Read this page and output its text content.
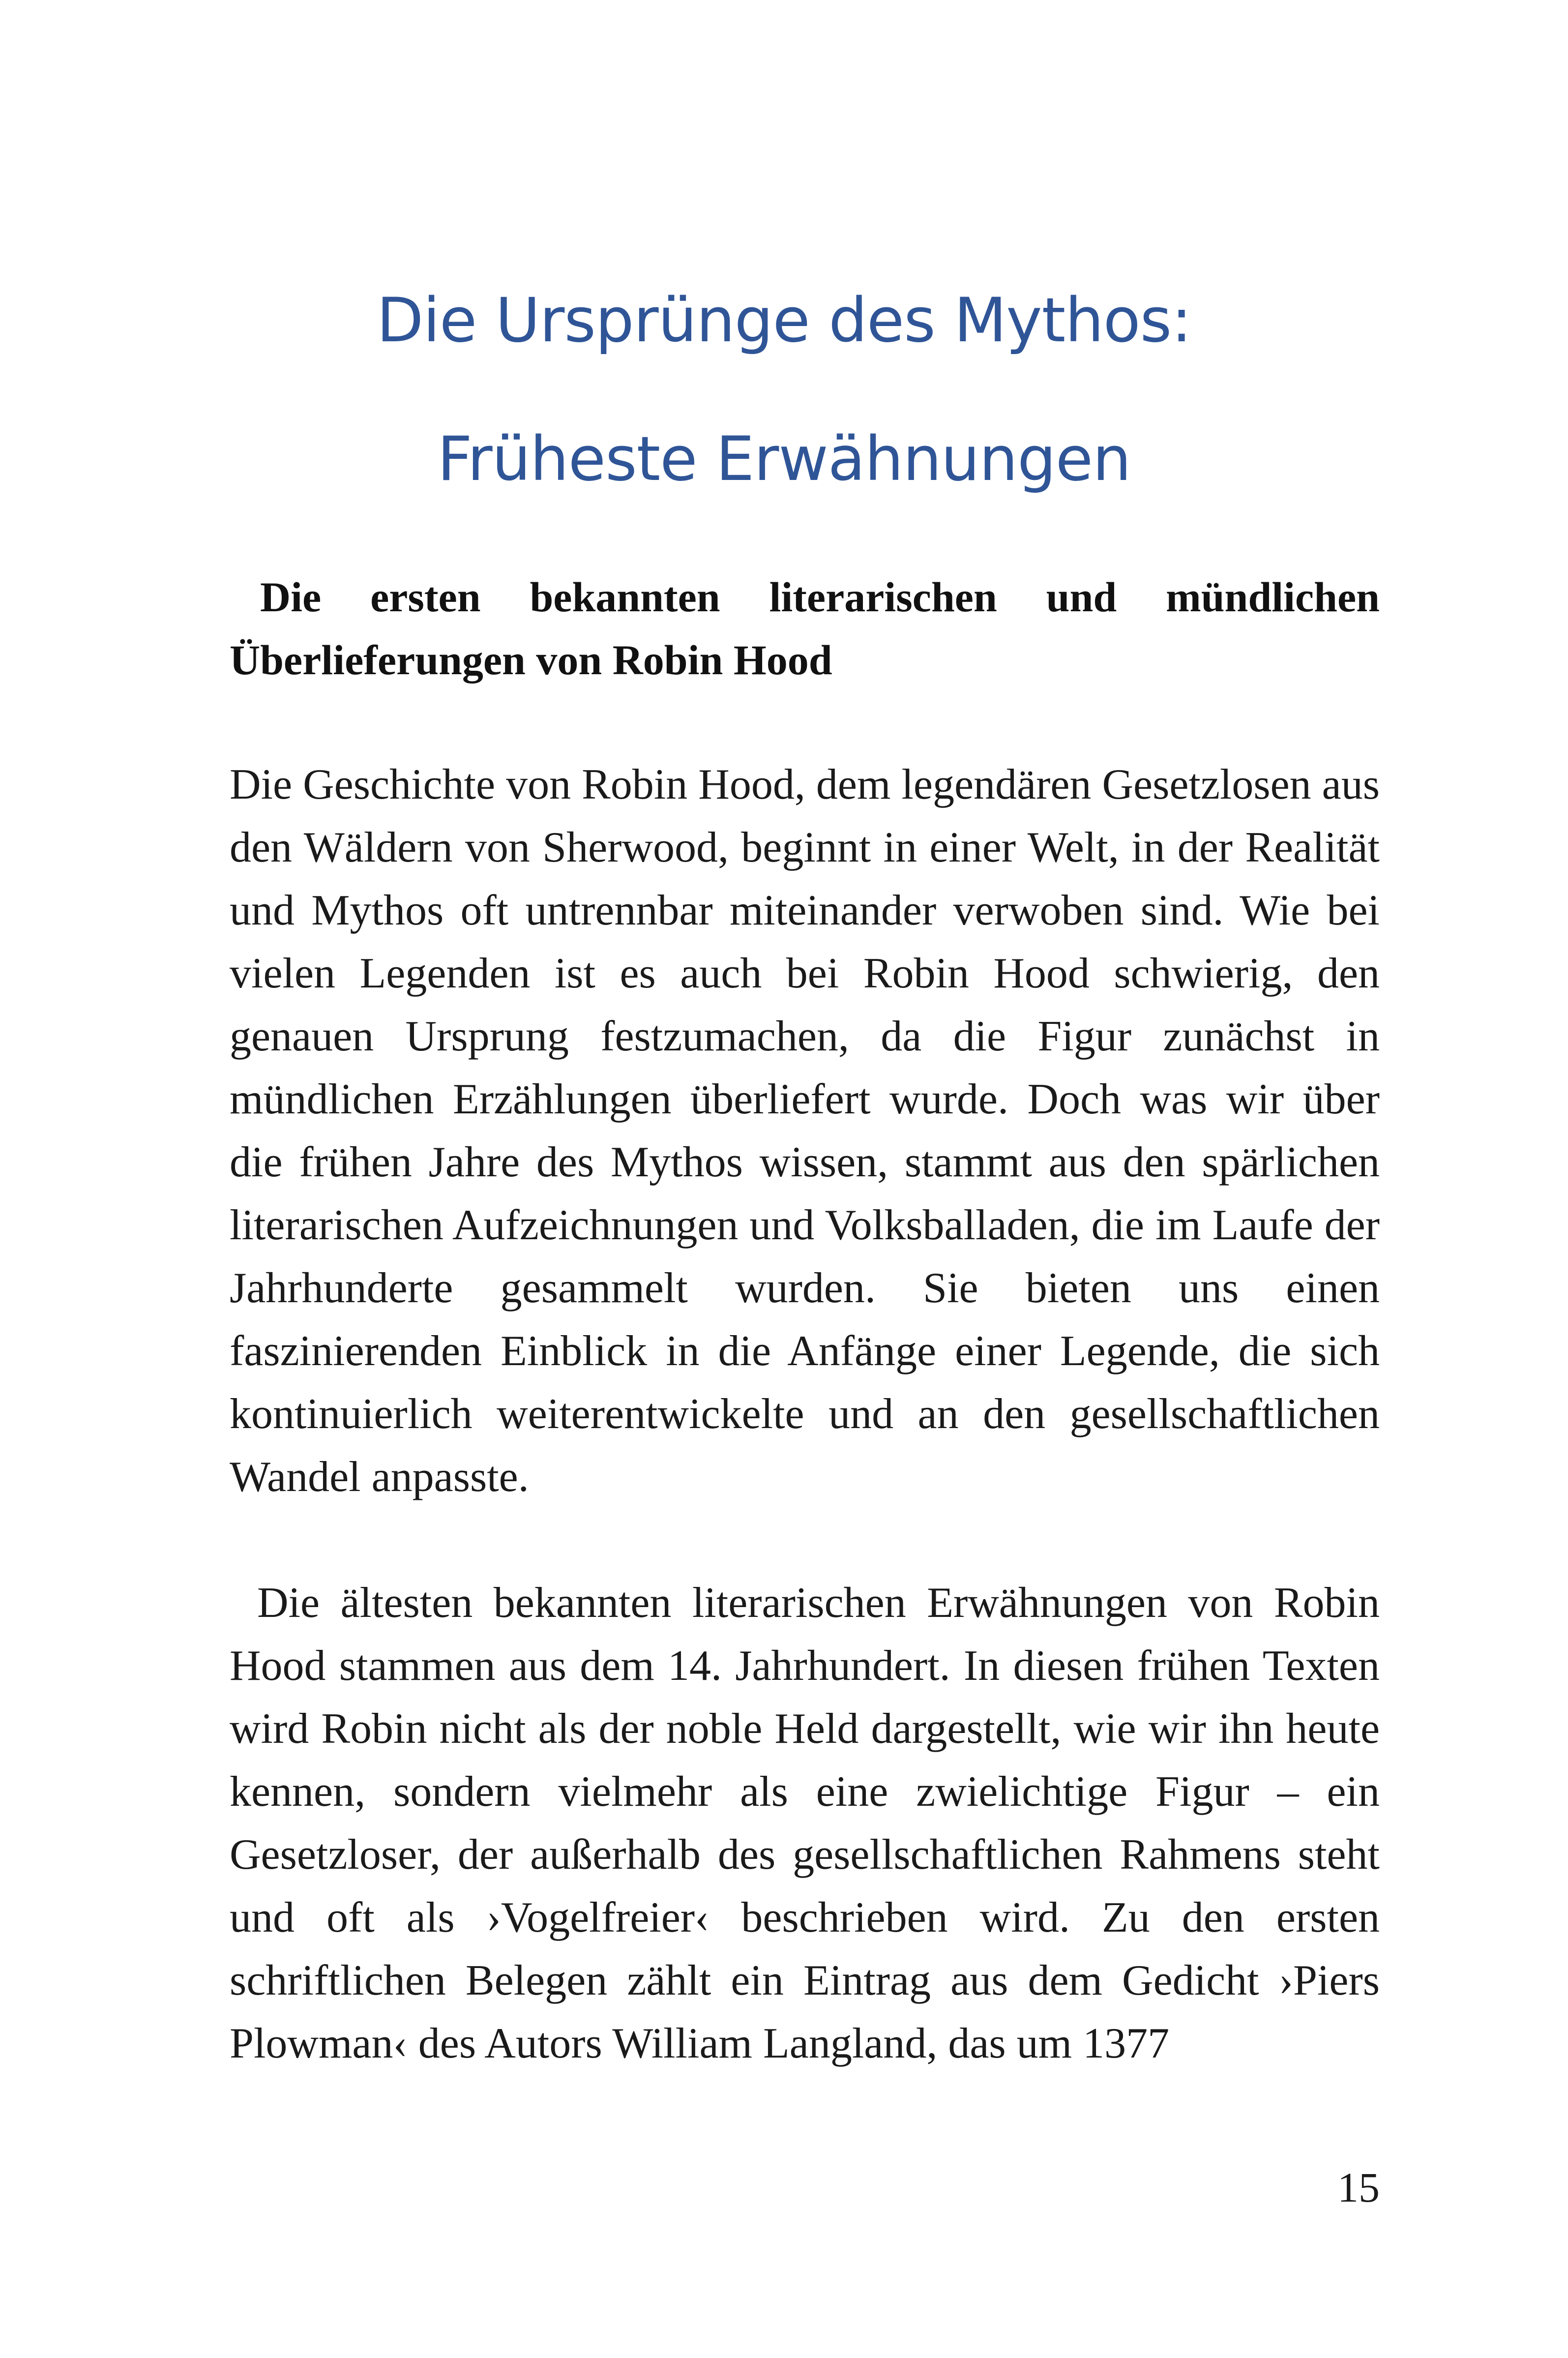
Die Ursprünge des Mythos:
Früheste Erwähnungen
Die ersten bekannten literarischen und mündlichen Überlieferungen von Robin Hood

Die Geschichte von Robin Hood, dem legendären Gesetzlosen aus den Wäldern von Sherwood, beginnt in einer Welt, in der Realität und Mythos oft untrennbar miteinander verwoben sind. Wie bei vielen Legenden ist es auch bei Robin Hood schwierig, den genauen Ursprung festzumachen, da die Figur zunächst in mündlichen Erzählungen überliefert wurde. Doch was wir über die frühen Jahre des Mythos wissen, stammt aus den spärlichen literarischen Aufzeichnungen und Volksballaden, die im Laufe der Jahrhunderte gesammelt wurden. Sie bieten uns einen faszinierenden Einblick in die Anfänge einer Legende, die sich kontinuierlich weiterentwickelte und an den gesellschaftlichen Wandel anpasste.

Die ältesten bekannten literarischen Erwähnungen von Robin Hood stammen aus dem 14. Jahrhundert. In diesen frühen Texten wird Robin nicht als der noble Held dargestellt, wie wir ihn heute kennen, sondern vielmehr als eine zwielichtige Figur – ein Gesetzloser, der außerhalb des gesellschaftlichen Rahmens steht und oft als ›Vogelfreier‹ beschrieben wird. Zu den ersten schriftlichen Belegen zählt ein Eintrag aus dem Gedicht ›Piers Plowman‹ des Autors William Langland, das um 1377

15
